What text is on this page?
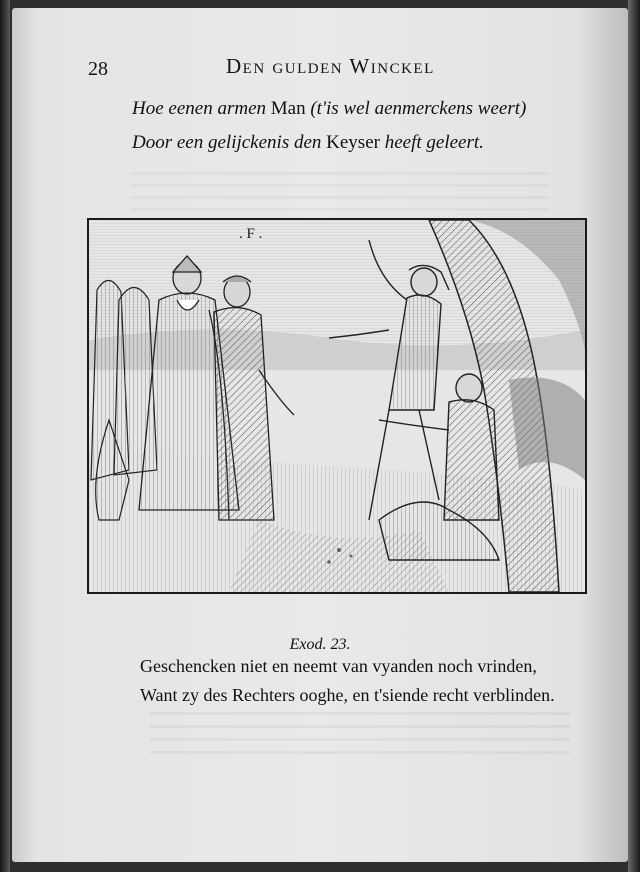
28	Den gulden Winckel
Hoe eenen armen Man (t'is wel aenmerckens weert)
Door een gelijckenis den Keyser heeft geleert.
. F .
Exod. 23.
Geschencken niet en neemt van vyanden noch vrinden,
Want zy des Rechters ooghe, en t'siende recht verblinden.
